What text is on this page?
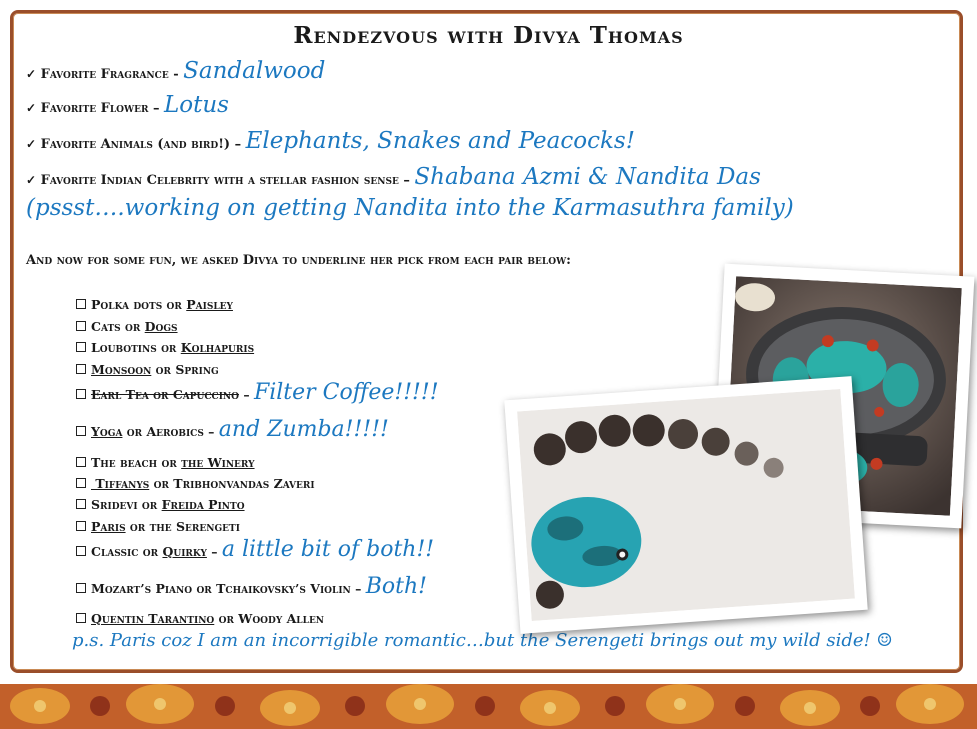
Rendezvous with Divya Thomas
✓ Favorite Fragrance - Sandalwood
✓ Favorite Flower – Lotus
✓ Favorite Animals (and bird!) – Elephants, Snakes and Peacocks!
✓ Favorite Indian Celebrity with a stellar fashion sense – Shabana Azmi & Nandita Das
(pssst….working on getting Nandita into the Karmasuthra family)
And now for some fun, we asked Divya to underline her pick from each pair below:
Polka dots or Paisley
Cats or Dogs
Loubotins or Kolhapuris
Monsoon or Spring
Earl Tea or Capuccino – Filter Coffee!!!!!
Yoga or Aerobics – and Zumba!!!!!
The beach or the Winery
Tiffanys or Tribhonvandas Zaveri
Sridevi or Freida Pinto
Paris or the Serengeti
Classic or Quirky – a little bit of both!!
Mozart’s Piano or Tchaikovsky’s Violin – Both!
Quentin Tarantino or Woody Allen
p.s. Paris coz I am an incorrigible romantic…but the Serengeti brings out my wild side! ☺
